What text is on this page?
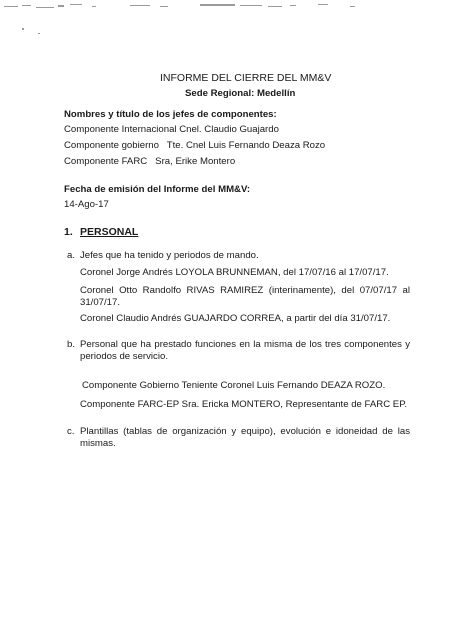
INFORME DEL CIERRE DEL MM&V
Sede Regional: Medellín
Nombres y título de los jefes de componentes:
Componente Internacional Cnel. Claudio Guajardo
Componente gobierno   Tte. Cnel Luis Fernando Deaza Rozo
Componente FARC   Sra, Erike Montero
Fecha de emisión del Informe del MM&V:
14-Ago-17
1. PERSONAL
a. Jefes que ha tenido y periodos de mando.
Coronel Jorge Andrés LOYOLA BRUNNEMAN, del 17/07/16 al 17/07/17.
Coronel Otto Randolfo RIVAS RAMIREZ (interinamente), del 07/07/17 al 31/07/17.
Coronel Claudio Andrés GUAJARDO CORREA, a partir del día 31/07/17.
b. Personal que ha prestado funciones en la misma de los tres componentes y periodos de servicio.
Componente Gobierno Teniente Coronel Luis Fernando DEAZA ROZO.
Componente FARC-EP Sra. Ericka MONTERO, Representante de FARC EP.
c. Plantillas (tablas de organización y equipo), evolución e idoneidad de las mismas.
